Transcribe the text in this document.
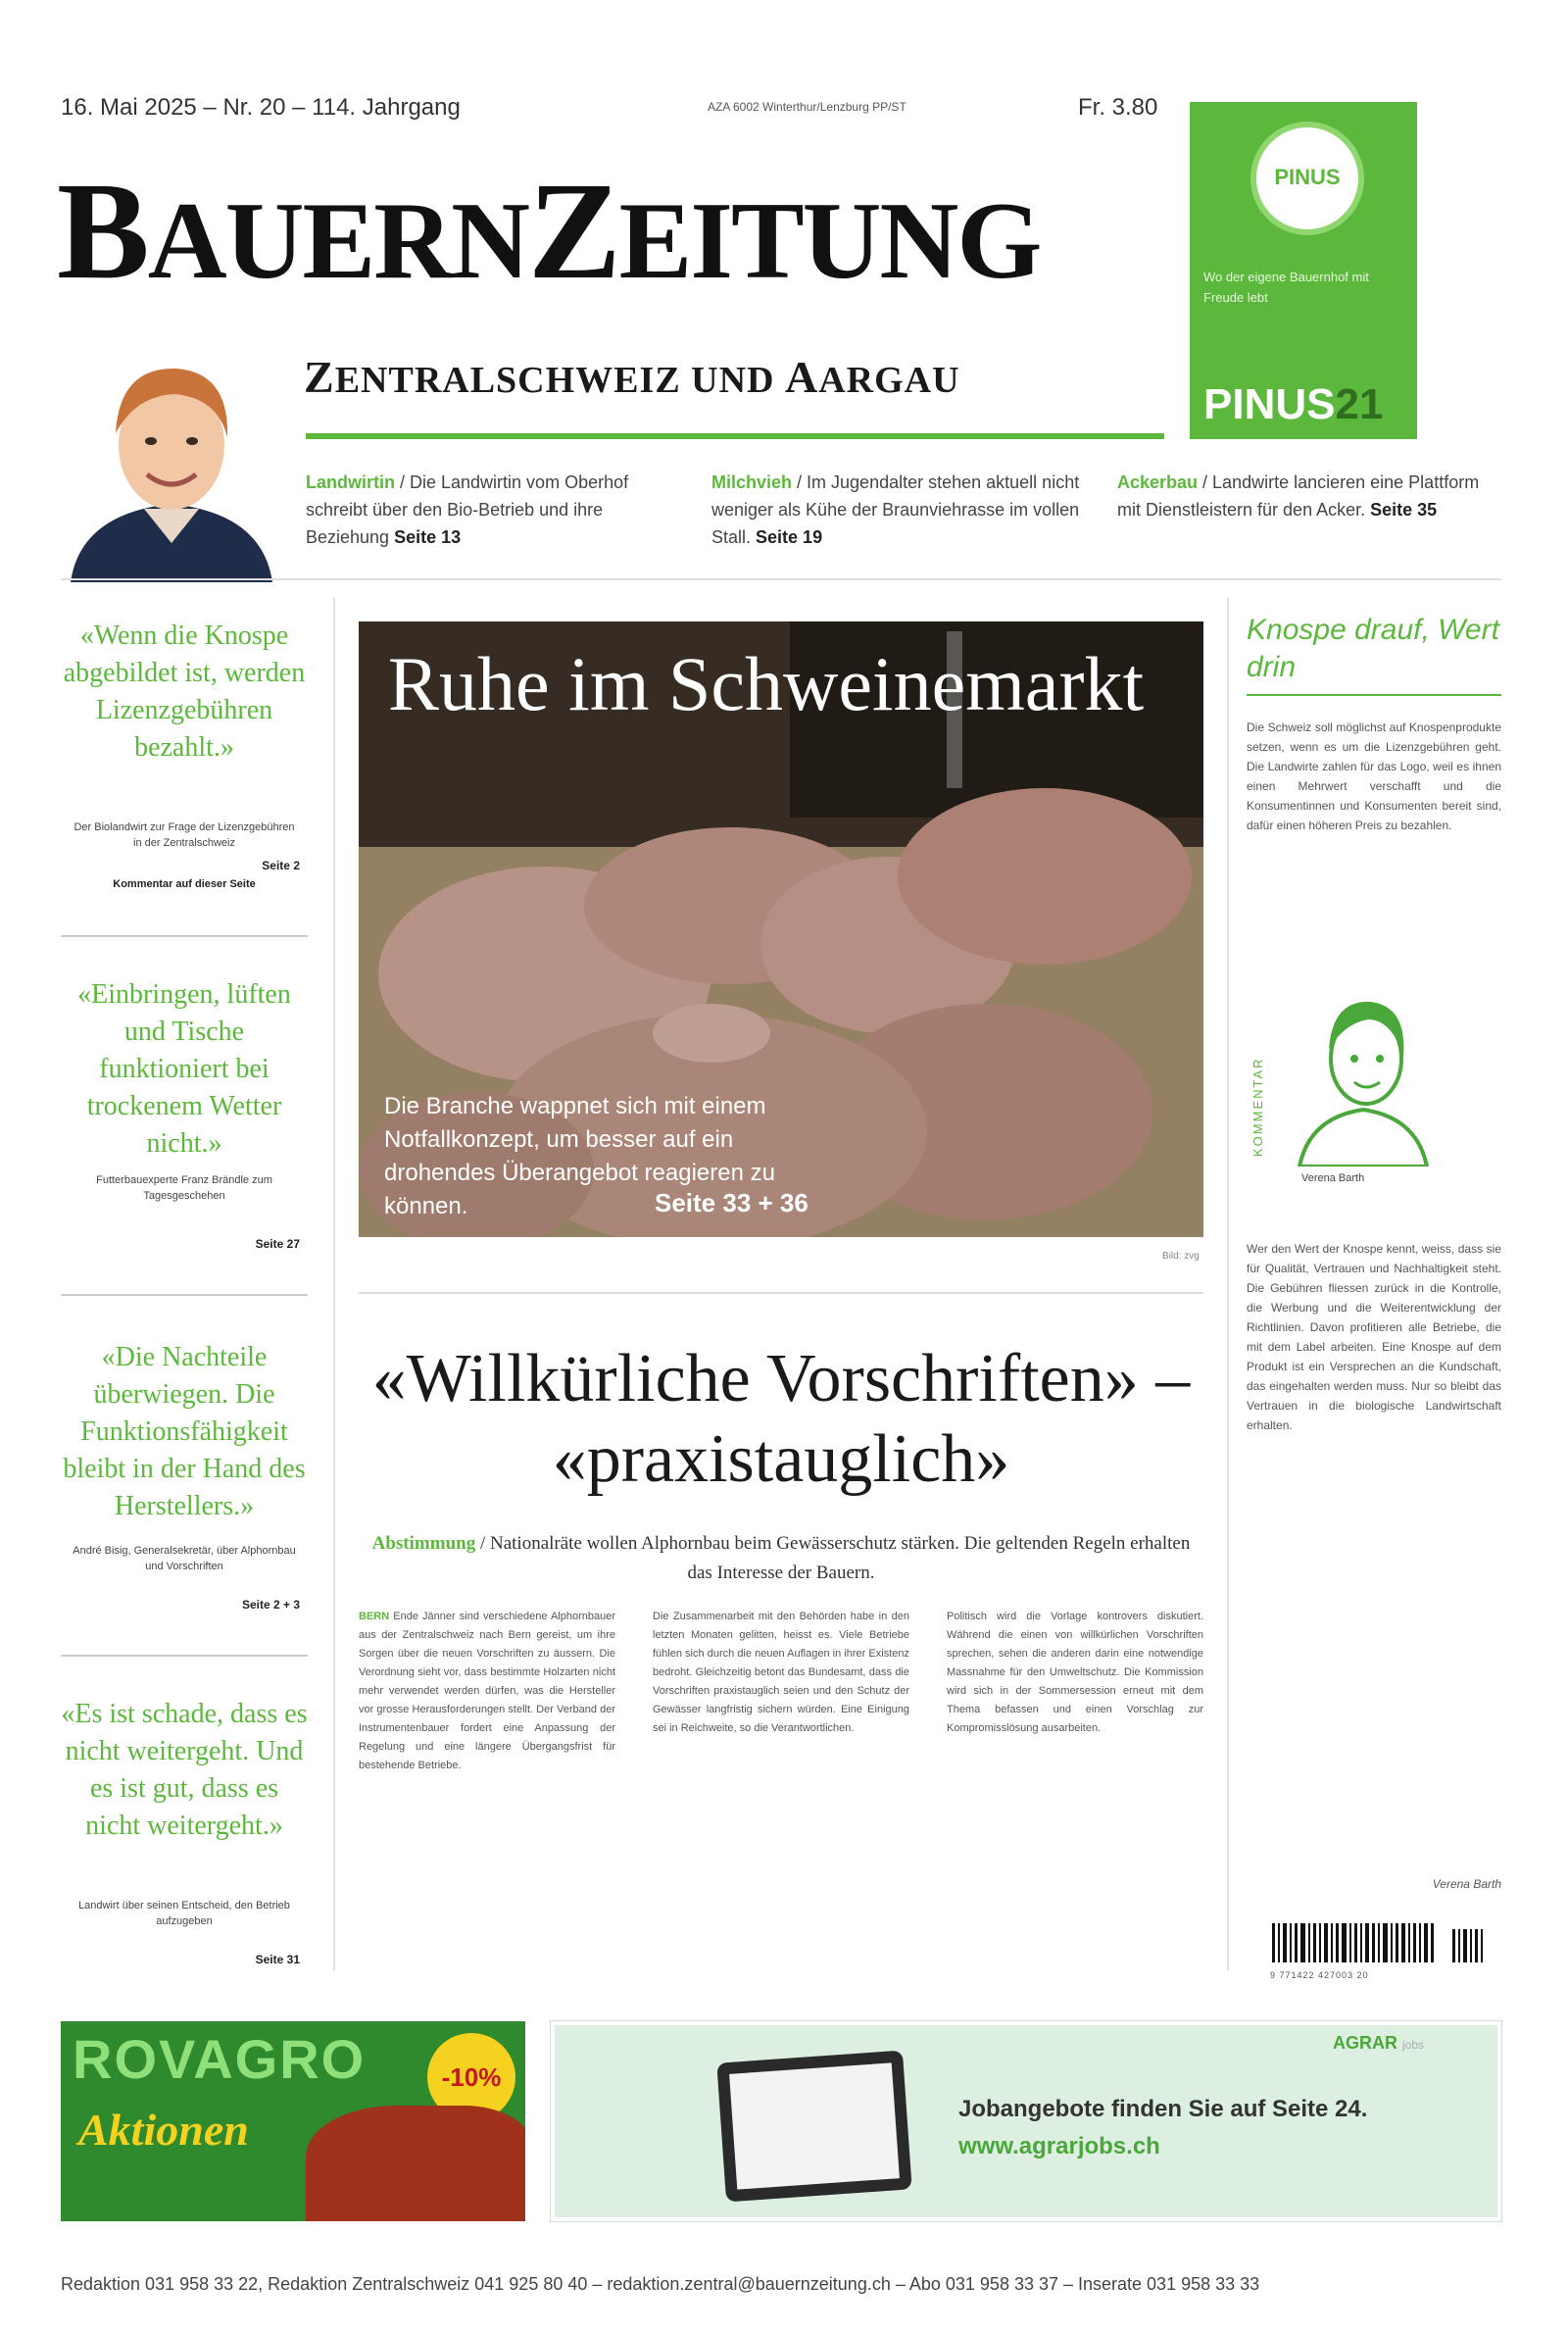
16. Mai 2025 – Nr. 20 – 114. Jahrgang	AZA 6002 Winterthur/Lenzburg PP/ST	Fr. 3.80
BAUERNZEITUNG
ZENTRALSCHWEIZ UND AARGAU
PINUS
Wo der eigene Bauernhof mit Freude lebt
PINUS21
Landwirtin / Die Landwirtin vom Oberhof schreibt über den Bio-Betrieb und ihre Beziehung Seite 13
Milchvieh / Im Jugendalter stehen aktuell nicht weniger als Kühe der Braunviehrasse im vollen Stall. Seite 19
Ackerbau / Landwirte lancieren eine Plattform mit Dienstleistern für den Acker. Seite 35
«Wenn die Knospe abgebildet ist, werden Lizenzgebühren bezahlt.»
Der Biolandwirt zur Frage der Lizenzgebühren in der Zentralschweiz
Seite 2
Kommentar auf dieser Seite
«Einbringen, lüften und Tische funktioniert bei trockenem Wetter nicht.»
Futterbauexperte Franz Brändle zum Tagesgeschehen
Seite 27
«Die Nachteile überwiegen. Die Funktionsfähigkeit bleibt in der Hand des Herstellers.»
André Bisig, Generalsekretär, über Alphornbau und Vorschriften
Seite 2 + 3
«Es ist schade, dass es nicht weitergeht. Und es ist gut, dass es nicht weitergeht.»
Landwirt über seinen Entscheid, den Betrieb aufzugeben
Seite 31
Ruhe im Schweinemarkt
Die Branche wappnet sich mit einem Notfallkonzept, um besser auf ein drohendes Überangebot reagieren zu können.	Seite 33 + 36
Bild: zvg
«Willkürliche Vorschriften» – «praxistauglich»
Abstimmung / Nationalräte wollen Alphornbau beim Gewässerschutz stärken. Die geltenden Regeln erhalten das Interesse der Bauern.
BERN Ende Jänner sind verschiedene Alphornbauer aus der Zentralschweiz nach Bern gereist, um ihre Sorgen über die neuen Vorschriften zu äussern. Die Verordnung sieht vor, dass bestimmte Holzarten nicht mehr verwendet werden dürfen, was die Hersteller vor grosse Herausforderungen stellt. Der Verband der Instrumentenbauer fordert eine Anpassung der Regelung und eine längere Übergangsfrist für bestehende Betriebe.
Die Zusammenarbeit mit den Behörden habe in den letzten Monaten gelitten, heisst es. Viele Betriebe fühlen sich durch die neuen Auflagen in ihrer Existenz bedroht. Gleichzeitig betont das Bundesamt, dass die Vorschriften praxistauglich seien und den Schutz der Gewässer langfristig sichern würden. Eine Einigung sei in Reichweite, so die Verantwortlichen.
Politisch wird die Vorlage kontrovers diskutiert. Während die einen von willkürlichen Vorschriften sprechen, sehen die anderen darin eine notwendige Massnahme für den Umweltschutz. Die Kommission wird sich in der Sommersession erneut mit dem Thema befassen und einen Vorschlag zur Kompromisslösung ausarbeiten.
Knospe drauf, Wert drin
Die Schweiz soll möglichst auf Knospenprodukte setzen, wenn es um die Lizenzgebühren geht. Die Landwirte zahlen für das Logo, weil es ihnen einen Mehrwert verschafft und die Konsumentinnen und Konsumenten bereit sind, dafür einen höheren Preis zu bezahlen.
KOMMENTAR
Verena Barth
Wer den Wert der Knospe kennt, weiss, dass sie für Qualität, Vertrauen und Nachhaltigkeit steht. Die Gebühren fliessen zurück in die Kontrolle, die Werbung und die Weiterentwicklung der Richtlinien. Davon profitieren alle Betriebe, die mit dem Label arbeiten. Eine Knospe auf dem Produkt ist ein Versprechen an die Kundschaft, das eingehalten werden muss. Nur so bleibt das Vertrauen in die biologische Landwirtschaft erhalten.
Verena Barth
9 771422 427003 20
ROVAGRO	-10%
Aktionen
AGRAR jobs
Jobangebote finden Sie auf Seite 24.
www.agrarjobs.ch
Redaktion 031 958 33 22, Redaktion Zentralschweiz 041 925 80 40 – redaktion.zentral@bauernzeitung.ch – Abo 031 958 33 37 – Inserate 031 958 33 33
